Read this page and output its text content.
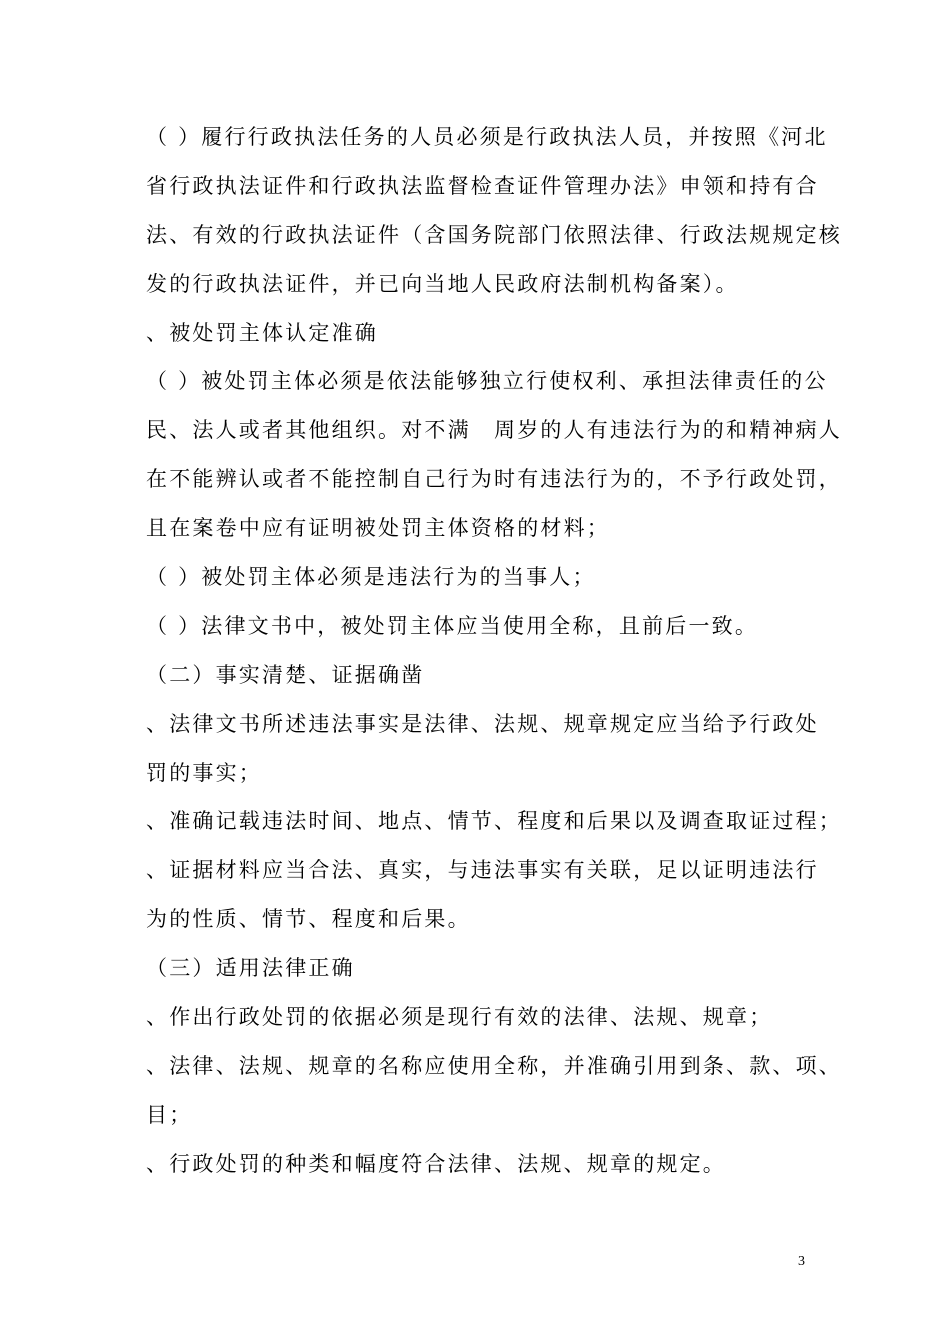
（ ）履行行政执法任务的人员必须是行政执法人员，并按照《河北
省行政执法证件和行政执法监督检查证件管理办法》申领和持有合
法、有效的行政执法证件（含国务院部门依照法律、行政法规规定核
发的行政执法证件，并已向当地人民政府法制机构备案）。
、被处罚主体认定准确
（ ）被处罚主体必须是依法能够独立行使权利、承担法律责任的公
民、法人或者其他组织。对不满　周岁的人有违法行为的和精神病人
在不能辨认或者不能控制自己行为时有违法行为的，不予行政处罚，
且在案卷中应有证明被处罚主体资格的材料；
（ ）被处罚主体必须是违法行为的当事人；
（ ）法律文书中，被处罚主体应当使用全称，且前后一致。
（二）事实清楚、证据确凿
、法律文书所述违法事实是法律、法规、规章规定应当给予行政处
罚的事实；
、准确记载违法时间、地点、情节、程度和后果以及调查取证过程；
、证据材料应当合法、真实，与违法事实有关联，足以证明违法行
为的性质、情节、程度和后果。
（三）适用法律正确
、作出行政处罚的依据必须是现行有效的法律、法规、规章；
、法律、法规、规章的名称应使用全称，并准确引用到条、款、项、
目；
、行政处罚的种类和幅度符合法律、法规、规章的规定。
3
